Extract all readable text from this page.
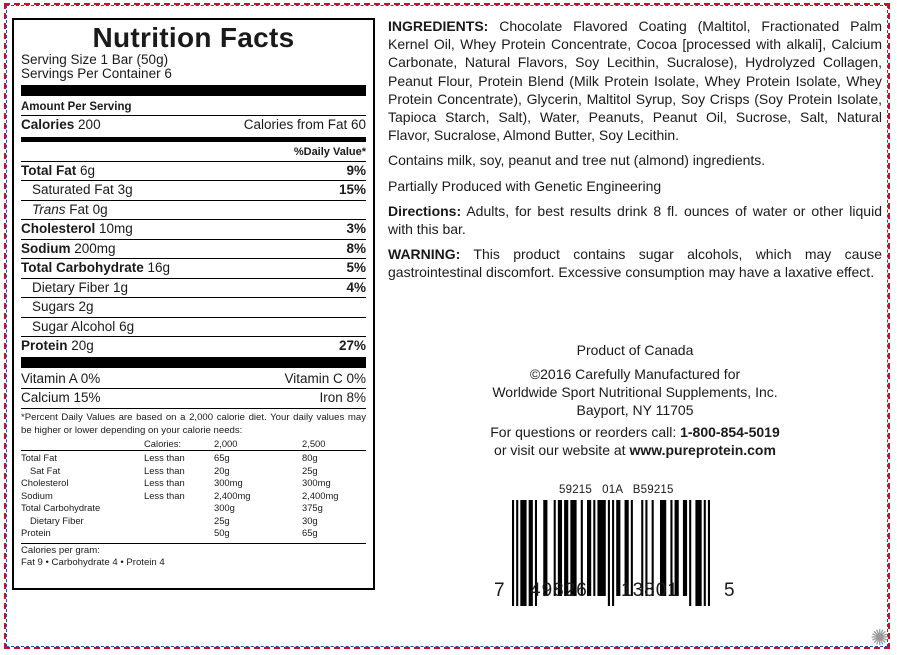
✺
Nutrition Facts
Serving Size 1 Bar (50g)
Servings Per Container 6
Amount Per Serving
Calories 200	Calories from Fat 60
%Daily Value*
Total Fat 6g	9%
Saturated Fat 3g	15%
Trans Fat 0g
Cholesterol 10mg	3%
Sodium 200mg	8%
Total Carbohydrate 16g	5%
Dietary Fiber 1g	4%
Sugars 2g
Sugar Alcohol 6g
Protein 20g	27%
Vitamin A 0%	Vitamin C 0%
Calcium 15%	Iron 8%
*Percent Daily Values are based on a 2,000 calorie diet. Your daily values may be higher or lower depending on your calorie needs:
	Calories:	2,000	2,500

Total Fat	Less than	65g	80g
Sat Fat	Less than	20g	25g
Cholesterol	Less than	300mg	300mg
Sodium	Less than	2,400mg	2,400mg
Total Carbohydrate		300g	375g
Dietary Fiber		25g	30g
Protein		50g	65g
Calories per gram:
Fat 9 • Carbohydrate 4 • Protein 4

INGREDIENTS: Chocolate Flavored Coating (Maltitol, Fractionated Palm Kernel Oil, Whey Protein Concentrate, Cocoa [processed with alkali], Calcium Carbonate, Natural Flavors, Soy Lecithin, Sucralose), Hydrolyzed Collagen, Peanut Flour, Protein Blend (Milk Protein Isolate, Whey Protein Isolate, Whey Protein Concentrate), Glycerin, Maltitol Syrup, Soy Crisps (Soy Protein Isolate, Tapioca Starch, Salt), Water, Peanuts, Peanut Oil, Sucrose, Salt, Natural Flavor, Sucralose, Almond Butter, Soy Lecithin.

Contains milk, soy, peanut and tree nut (almond) ingredients.

Partially Produced with Genetic Engineering

Directions: Adults, for best results drink 8 fl. ounces of water or other liquid with this bar.

WARNING: This product contains sugar alcohols, which may cause gastrointestinal discomfort. Excessive consumption may have a laxative effect.

Product of Canada
©2016 Carefully Manufactured for
Worldwide Sport Nutritional Supplements, Inc.
Bayport, NY 11705
For questions or reorders call: 1-800-854-5019
or visit our website at www.pureprotein.com
59215   01A   B59215
7 49826 13801 5
